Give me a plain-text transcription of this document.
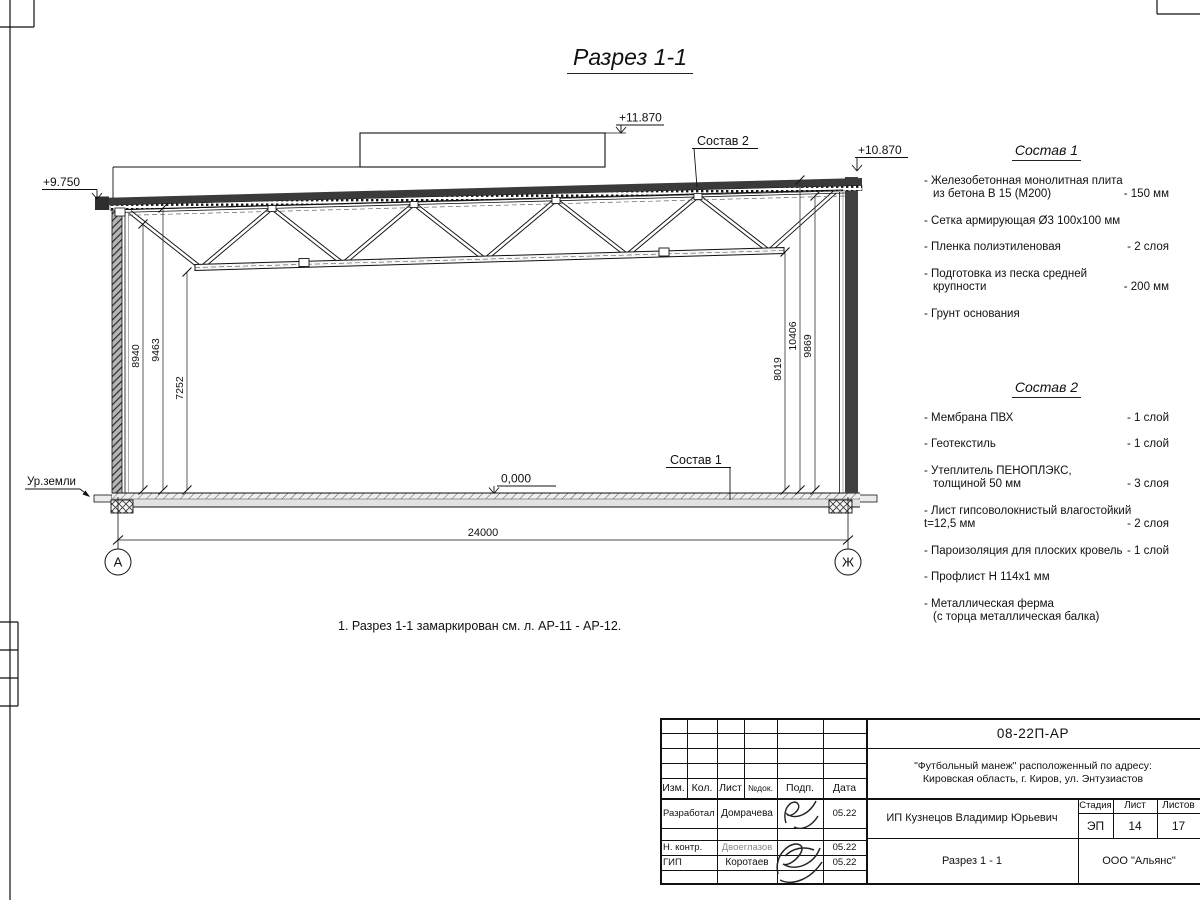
8940 9463
7252
8019
10406 9869
+9.750
+11.870
+10.870
0,000
Состав 2
Состав 1
Ур.земли
24000
А	Ж
Разрез 1-1
1. Разрез 1-1 замаркирован см. л. АР-11 - АР-12.
Состав 1
- Железобетонная монолитная плита
из бетона В 15 (М200)	- 150 мм
- Сетка армирующая Ø3 100х100 мм
- Пленка полиэтиленовая	- 2 слоя
- Подготовка из песка средней
крупности	- 200 мм
- Грунт основания
Состав 2
- Мембрана ПВХ	- 1 слой
- Геотекстиль	- 1 слой
- Утеплитель ПЕНОПЛЭКС,
толщиной 50 мм	- 3 слоя
- Лист гипсоволокнистый влагостойкий
t=12,5 мм	- 2 слоя
- Пароизоляция для плоских кровель - 1 слой
- Профлист Н 114х1 мм
- Металлическая ферма
(с торца металлическая балка)
Изм. Кол. Лист №док.	Подп.	Дата
Разработал Домрачева	05.22
Н. контр.	Двоеглазов	05.22
ГИП	Коротаев	05.22
08-22П-АР
"Футбольный манеж" расположенный по адресу:
Кировская область, г. Киров, ул. Энтузиастов
ИП Кузнецов Владимир Юрьевич
Разрез 1 - 1
Стадия	Лист	Листов
ЭП	14	17
ООО "Альянс"
